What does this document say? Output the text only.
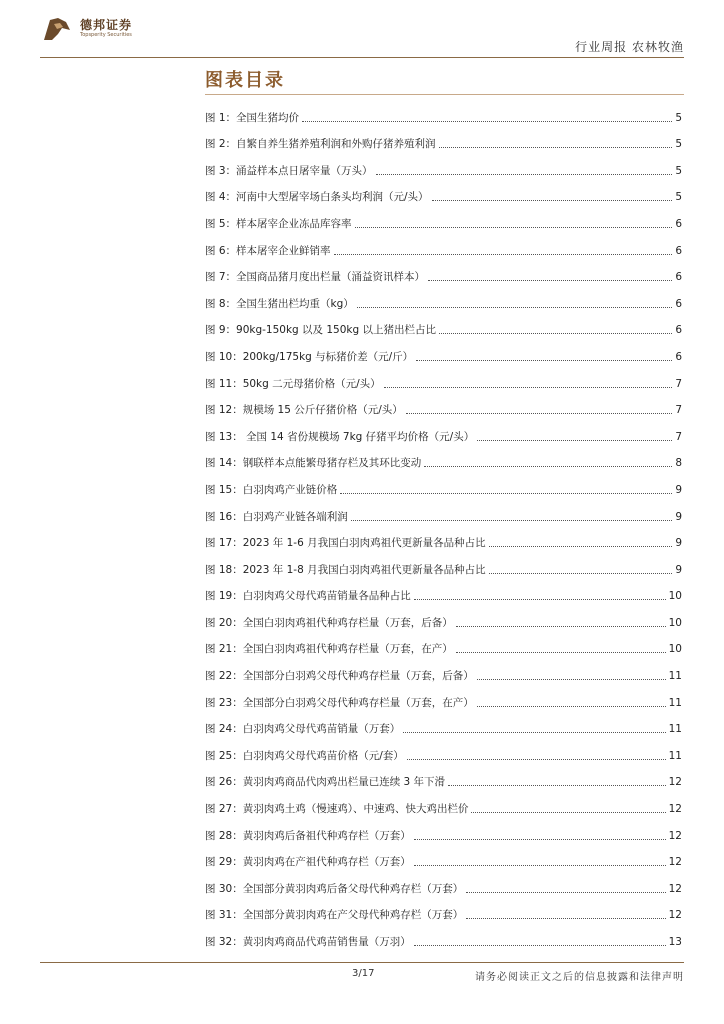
德邦证券
Topsperity Securities
行业周报 农林牧渔
图表目录
图 1：全国生猪均价	5
图 2：自繁自养生猪养殖利润和外购仔猪养殖利润	5
图 3：涌益样本点日屠宰量（万头）	5
图 4：河南中大型屠宰场白条头均利润（元/头）	5
图 5：样本屠宰企业冻品库容率	6
图 6：样本屠宰企业鲜销率	6
图 7：全国商品猪月度出栏量（涌益资讯样本）	6
图 8：全国生猪出栏均重（kg）	6
图 9：90kg-150kg 以及 150kg 以上猪出栏占比	6
图 10：200kg/175kg 与标猪价差（元/斤）	6
图 11：50kg 二元母猪价格（元/头）	7
图 12：规模场 15 公斤仔猪价格（元/头）	7
图 13： 全国 14 省份规模场 7kg 仔猪平均价格（元/头）	7
图 14：钢联样本点能繁母猪存栏及其环比变动	8
图 15：白羽肉鸡产业链价格	9
图 16：白羽鸡产业链各端利润	9
图 17：2023 年 1-6 月我国白羽肉鸡祖代更新量各品种占比	9
图 18：2023 年 1-8 月我国白羽肉鸡祖代更新量各品种占比	9
图 19：白羽肉鸡父母代鸡苗销量各品种占比	10
图 20：全国白羽肉鸡祖代种鸡存栏量（万套，后备）	10
图 21：全国白羽肉鸡祖代种鸡存栏量（万套，在产）	10
图 22：全国部分白羽鸡父母代种鸡存栏量（万套，后备）	11
图 23：全国部分白羽鸡父母代种鸡存栏量（万套，在产）	11
图 24：白羽肉鸡父母代鸡苗销量（万套）	11
图 25：白羽肉鸡父母代鸡苗价格（元/套）	11
图 26：黄羽肉鸡商品代肉鸡出栏量已连续 3 年下滑	12
图 27：黄羽肉鸡土鸡（慢速鸡）、中速鸡、快大鸡出栏价	12
图 28：黄羽肉鸡后备祖代种鸡存栏（万套）	12
图 29：黄羽肉鸡在产祖代种鸡存栏（万套）	12
图 30：全国部分黄羽肉鸡后备父母代种鸡存栏（万套）	12
图 31：全国部分黄羽肉鸡在产父母代种鸡存栏（万套）	12
图 32：黄羽肉鸡商品代鸡苗销售量（万羽）	13
3/17	请务必阅读正文之后的信息披露和法律声明
